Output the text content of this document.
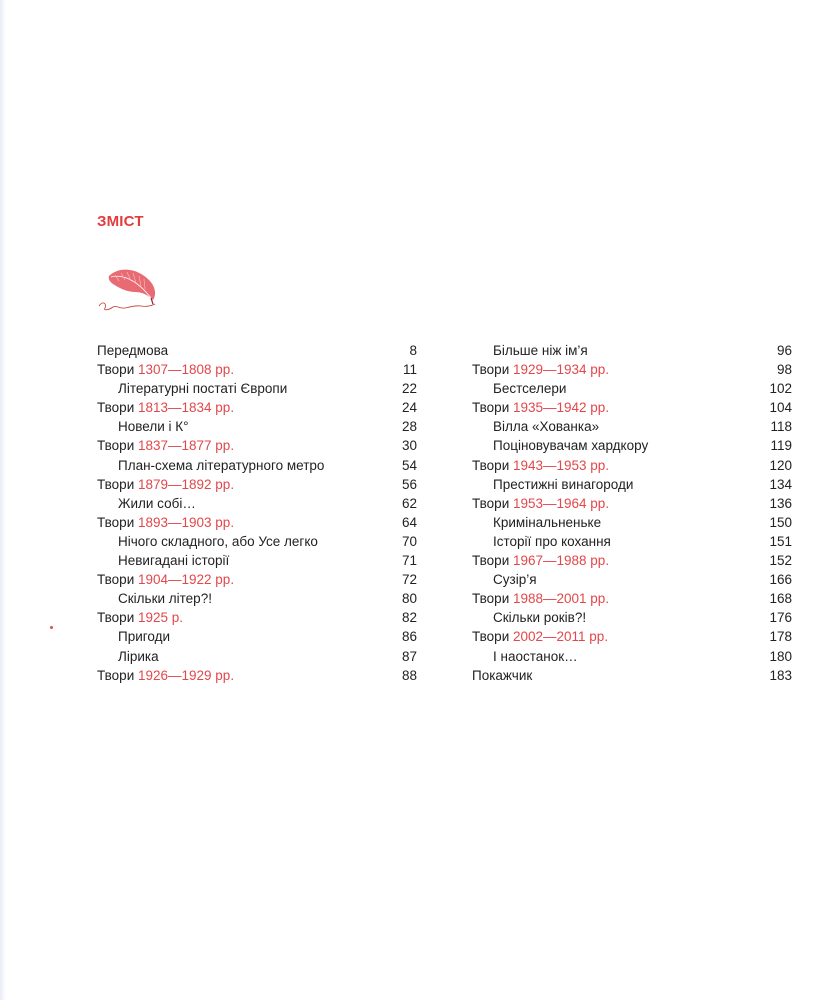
ЗМІСТ
Передмова	8
Твори 1307—1808 рр.	11
Літературні постаті Європи	22
Твори 1813—1834 рр.	24
Новели і К°	28
Твори 1837—1877 рр.	30
План-схема літературного метро	54
Твори 1879—1892 рр.	56
Жили собі…	62
Твори 1893—1903 рр.	64
Нічого складного, або Усе легко	70
Невигадані історії	71
Твори 1904—1922 рр.	72
Скільки літер?!	80
Твори 1925 р.	82
Пригоди	86
Лірика	87
Твори 1926—1929 рр.	88
Більше ніж ім’я	96
Твори 1929—1934 рр.	98
Бестселери	102
Твори 1935—1942 рр.	104
Вілла «Хованка»	118
Поціновувачам хардкору	119
Твори 1943—1953 рр.	120
Престижні винагороди	134
Твори 1953—1964 рр.	136
Кримінальненьке	150
Історії про кохання	151
Твори 1967—1988 рр.	152
Сузір’я	166
Твори 1988—2001 рр.	168
Скільки років?!	176
Твори 2002—2011 рр.	178
І наостанок…	180
Покажчик	183
